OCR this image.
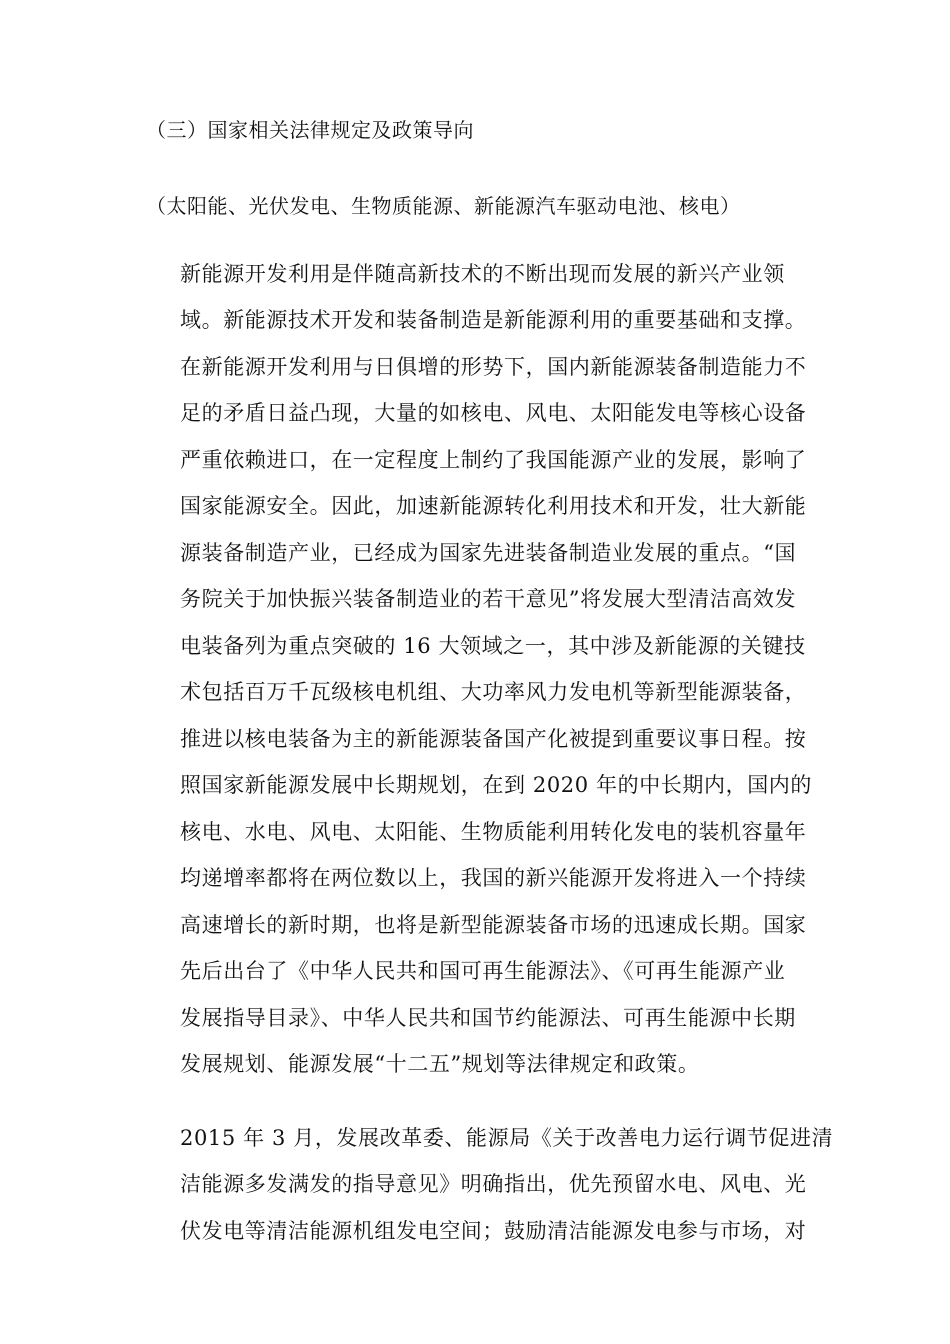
（三）国家相关法律规定及政策导向
（太阳能、光伏发电、生物质能源、新能源汽车驱动电池、核电）
新能源开发利用是伴随高新技术的不断出现而发展的新兴产业领
域。新能源技术开发和装备制造是新能源利用的重要基础和支撑。
在新能源开发利用与日俱增的形势下，国内新能源装备制造能力不
足的矛盾日益凸现，大量的如核电、风电、太阳能发电等核心设备
严重依赖进口，在一定程度上制约了我国能源产业的发展，影响了
国家能源安全。因此，加速新能源转化利用技术和开发，壮大新能
源装备制造产业，已经成为国家先进装备制造业发展的重点。“国
务院关于加快振兴装备制造业的若干意见”将发展大型清洁高效发
电装备列为重点突破的 16 大领域之一，其中涉及新能源的关键技
术包括百万千瓦级核电机组、大功率风力发电机等新型能源装备，
推进以核电装备为主的新能源装备国产化被提到重要议事日程。按
照国家新能源发展中长期规划，在到 2020 年的中长期内，国内的
核电、水电、风电、太阳能、生物质能利用转化发电的装机容量年
均递增率都将在两位数以上，我国的新兴能源开发将进入一个持续
高速增长的新时期，也将是新型能源装备市场的迅速成长期。国家
先后出台了《中华人民共和国可再生能源法》、《可再生能源产业
发展指导目录》、中华人民共和国节约能源法、可再生能源中长期
发展规划、能源发展“十二五”规划等法律规定和政策。
2015 年 3 月，发展改革委、能源局《关于改善电力运行调节促进清
洁能源多发满发的指导意见》明确指出，优先预留水电、风电、光
伏发电等清洁能源机组发电空间；鼓励清洁能源发电参与市场，对
